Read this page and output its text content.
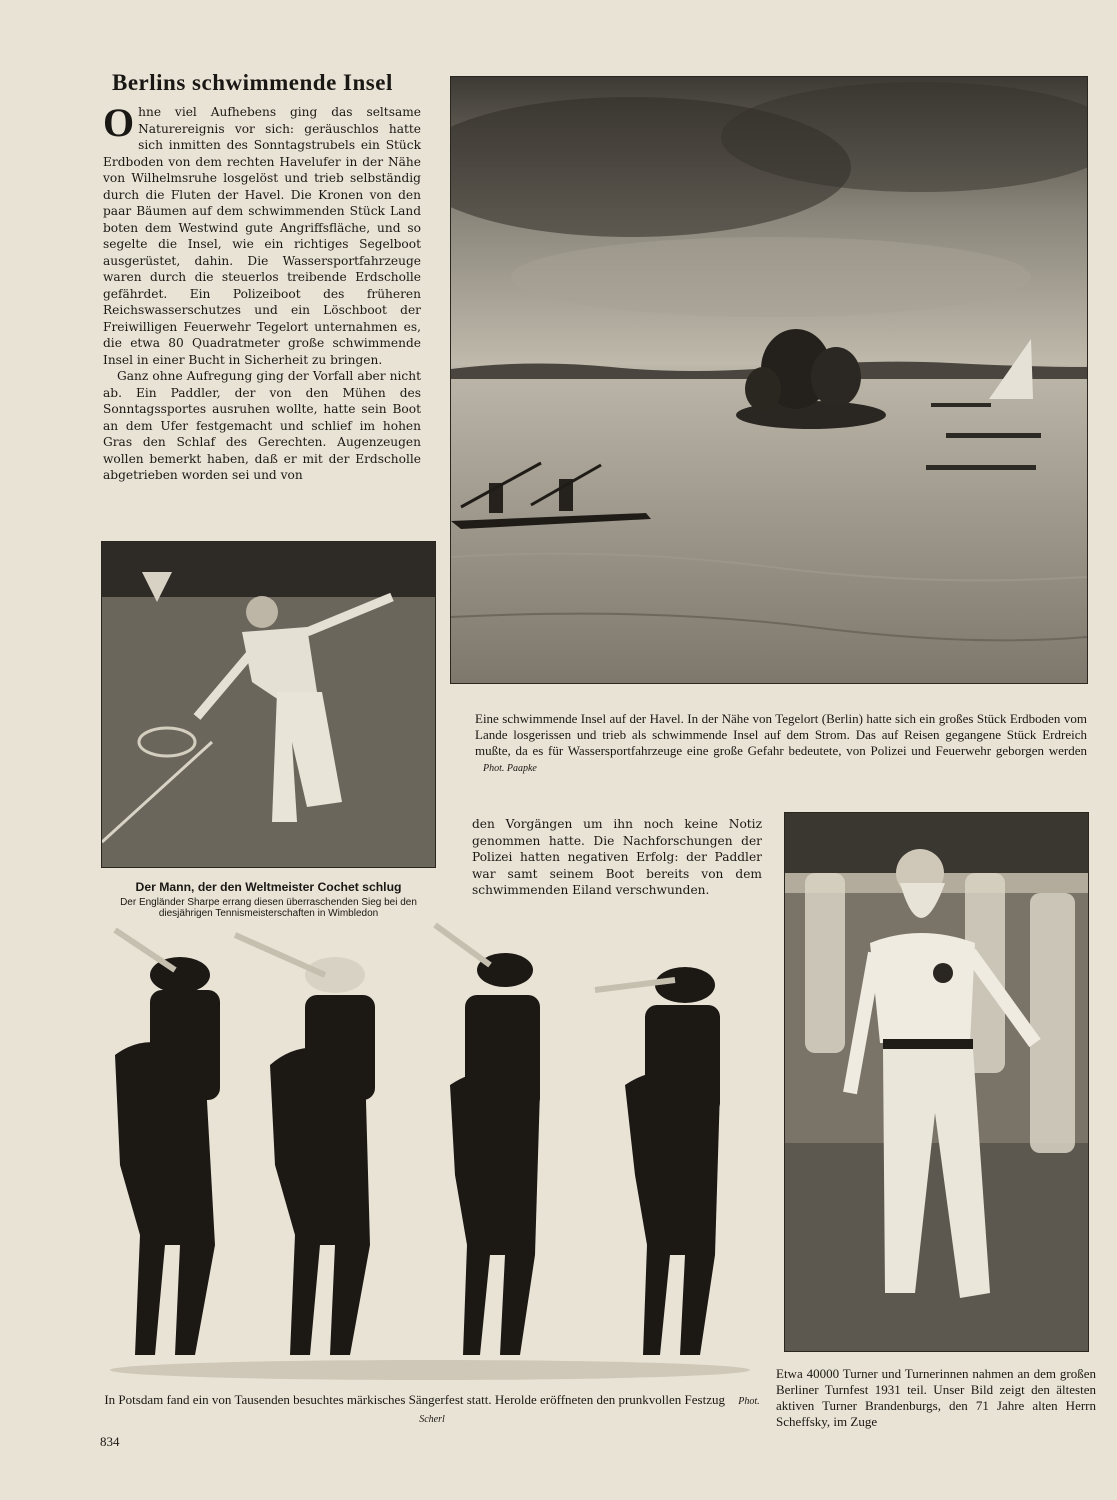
Berlins schwimmende Insel

Ohne viel Aufhebens ging das seltsame Naturereignis vor sich: geräuschlos hatte sich inmitten des Sonntagstrubels ein Stück Erdboden von dem rechten Havelufer in der Nähe von Wilhelmsruhe losgelöst und trieb selbständig durch die Fluten der Havel. Die Kronen von den paar Bäumen auf dem schwimmenden Stück Land boten dem Westwind gute Angriffsfläche, und so segelte die Insel, wie ein richtiges Segelboot ausgerüstet, dahin. Die Wassersportfahrzeuge waren durch die steuerlos treibende Erdscholle gefährdet. Ein Polizeiboot des früheren Reichswasserschutzes und ein Löschboot der Freiwilligen Feuerwehr Tegelort unternahmen es, die etwa 80 Quadratmeter große schwimmende Insel in einer Bucht in Sicherheit zu bringen.

Ganz ohne Aufregung ging der Vorfall aber nicht ab. Ein Paddler, der von den Mühen des Sonntagssportes ausruhen wollte, hatte sein Boot an dem Ufer festgemacht und schlief im hohen Gras den Schlaf des Gerechten. Augenzeugen wollen bemerkt haben, daß er mit der Erdscholle abgetrieben worden sei und von

Eine schwimmende Insel auf der Havel. In der Nähe von Tegelort (Berlin) hatte sich ein großes Stück Erdboden vom Lande losgerissen und trieb als schwimmende Insel auf dem Strom. Das auf Reisen gegangene Stück Erdreich mußte, da es für Wassersportfahrzeuge eine große Gefahr bedeutete, von Polizei und Feuerwehr geborgen werden Phot. Paapke
Der Mann, der den Weltmeister Cochet schlug
Der Engländer Sharpe errang diesen überraschenden Sieg bei den diesjährigen Tennismeisterschaften in Wimbledon

den Vorgängen um ihn noch keine Notiz genommen hatte. Die Nachforschungen der Polizei hatten negativen Erfolg: der Paddler war samt seinem Boot bereits von dem schwimmenden Eiland verschwunden.

In Potsdam fand ein von Tausenden besuchtes märkisches Sängerfest statt. Herolde eröffneten den prunkvollen Festzug Phot. Scherl
Etwa 40000 Turner und Turnerinnen nahmen an dem großen Berliner Turnfest 1931 teil. Unser Bild zeigt den ältesten aktiven Turner Brandenburgs, den 71 Jahre alten Herrn Scheffsky, im Zuge
834
